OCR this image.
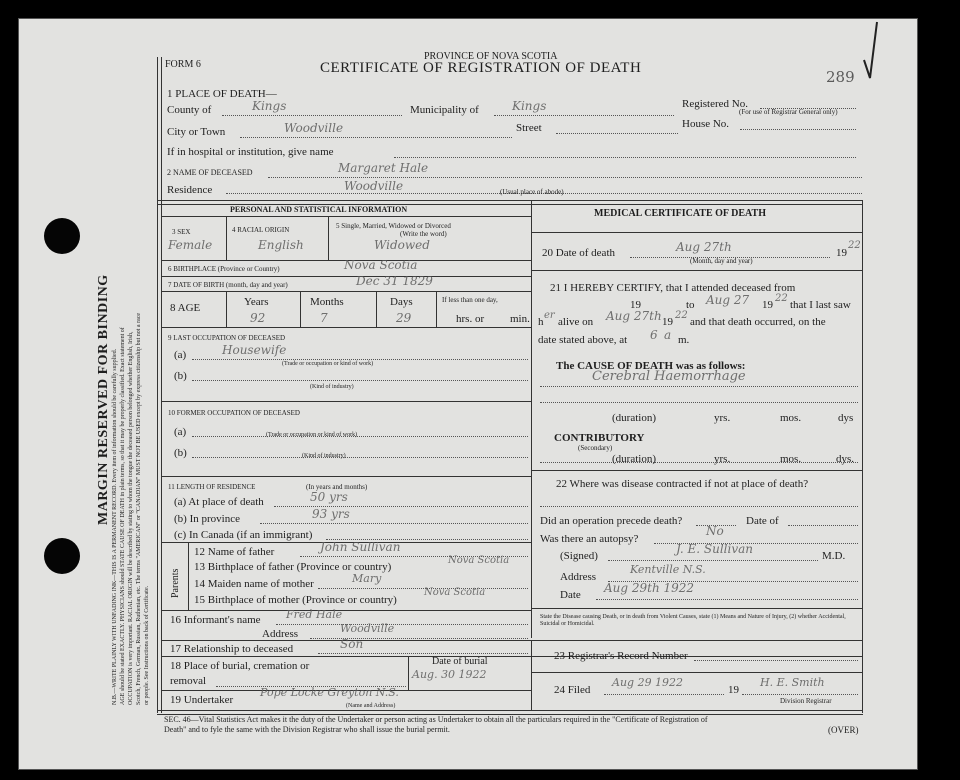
MARGIN RESERVED FOR BINDING N.B.—WRITE PLAINLY WITH UNFADING INK—THIS IS A PERMANENT RECORD. Every item of information should be carefully supplied. AGE should be stated EXACTLY. PHYSICIANS should STATE CAUSE OF DEATH in plain terms, so that it may be properly classified. Exact statement of OCCUPATION is very important. RACIAL ORIGIN will be described by stating to whom the tongue the deceased person belonged whether English, Irish, Scotch, French, German, Russian, Ruthenian, etc. The terms "AMERICAN" or "CANADIAN" MUST NOT BE USED except by express citizenship but not a race or people. See Instructions on back of Certificate.
FORM 6
PROVINCE OF NOVA SCOTIA
CERTIFICATE OF REGISTRATION OF DEATH	289
1 PLACE OF DEATH—
County of	Kings	Municipality of	Kings	Registered No.
(For use of Registrar General only)
City or Town	Woodville	Street	House No.
If in hospital or institution, give name
2 NAME OF DECEASED	Margaret Hale
Residence	Woodville	(Usual place of abode)
PERSONAL AND STATISTICAL INFORMATION
3 SEX
Female
4 RACIAL ORIGIN
English
5 Single, Married, Widowed or Divorced
(Write the word)
Widowed
6 BIRTHPLACE (Province or Country)	Nova Scotia
7 DATE OF BIRTH (month, day and year)	Dec 31 1829
8 AGE	Years	Months	Days
92	7	29
If less than one day,
hrs. or min.
9 LAST OCCUPATION OF DECEASED
(a)	Housewife
(Trade or occupation or kind of work)
(b)
(Kind of industry)
10 FORMER OCCUPATION OF DECEASED
(a)	(Trade or occupation or kind of work)
(b)	(Kind of industry)
11 LENGTH OF RESIDENCE	(In years and months)
(a) At place of death	50 yrs
(b) In province	93 yrs
(c) In Canada (if an immigrant)
Parents
12 Name of father	John Sullivan
13 Birthplace of father (Province or country)
Nova Scotia
14 Maiden name of mother	Mary
15 Birthplace of mother (Province or country)
Nova Scotia
16 Informant's name Fred Hale
Address	Woodville
17 Relationship to deceased	Son
18 Place of burial, cremation or
removal
Date of burial
Aug. 30 1922
19 Undertaker
Pope Locke Greyton N.S.
(Name and Address)
MEDICAL CERTIFICATE OF DEATH
20 Date of death	Aug 27th	19
22
(Month, day and year)
21 I HEREBY CERTIFY, that I attended deceased from
19	to Aug 27 19
22
that I last saw
h
er
alive on Aug 27th 19
22
and that death occurred, on the
date stated above, at 6 a m.
The CAUSE OF DEATH was as follows:
Cerebral Haemorrhage
(duration)	yrs.	mos.	dys
CONTRIBUTORY
(Secondary)
(duration)	yrs.	mos.	dys.
22 Where was disease contracted if not at place of death?
Did an operation precede death?	Date of
Was there an autopsy?
No
(Signed)	J. E. Sullivan	M.D.
Address
Kentville N.S.
Date Aug 29th 1922
State the Disease causing Death, or in death from Violent Causes, state (1) Means and Nature of Injury, (2) whether Accidental, Suicidal or Homicidal.
23 Registrar's Record Number
24 Filed
Aug 29 1922
19
H. E. Smith
Division Registrar
SEC. 46—Vital Statistics Act makes it the duty of the Undertaker or person acting as Undertaker to obtain all the particulars required in the "Certificate of Registration of
Death" and to fyle the same with the Division Registrar who shall issue the burial permit.	(OVER)
